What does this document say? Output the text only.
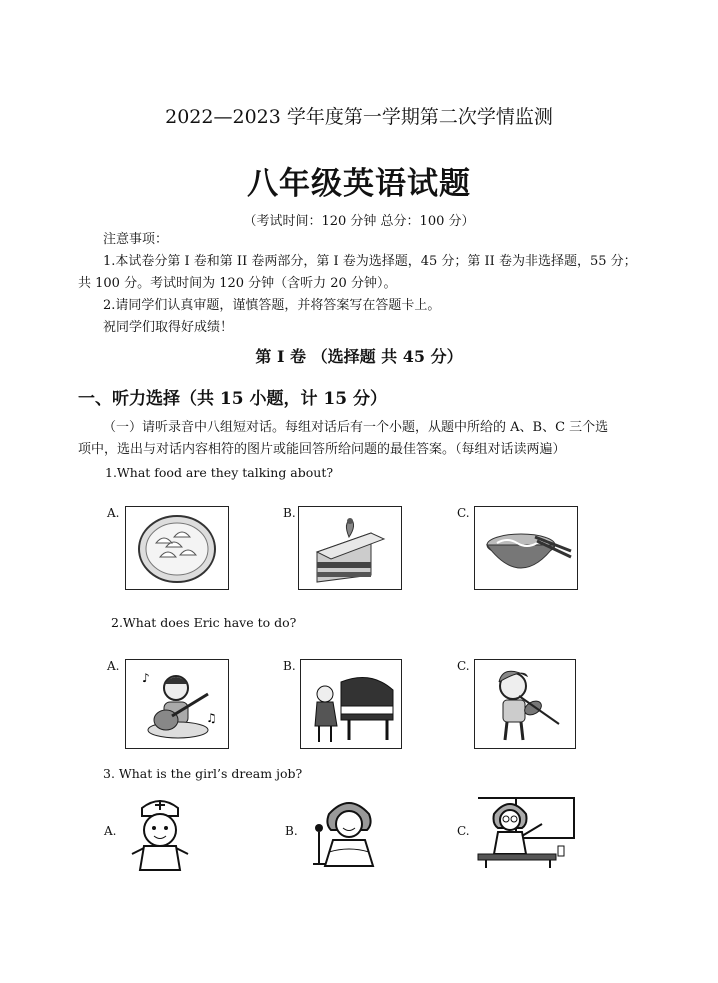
2022—2023 学年度第一学期第二次学情监测
八年级英语试题
（考试时间：120 分钟 总分：100 分）
注意事项：
1.本试卷分第 I 卷和第 II 卷两部分，第 I 卷为选择题，45 分；第 II 卷为非选择题，55 分；
共 100 分。考试时间为 120 分钟（含听力 20 分钟）。
2.请同学们认真审题，谨慎答题，并将答案写在答题卡上。
祝同学们取得好成绩！
第 I 卷 （选择题 共 45 分）
一、听力选择（共 15 小题，计 15 分）
（一）请听录音中八组短对话。每组对话后有一个小题，从题中所给的 A、B、C 三个选
项中，选出与对话内容相符的图片或能回答所给问题的最佳答案。（每组对话读两遍）
1.What food are they talking about?
A.	B.	C.
2.What does Eric have to do?
A.
♪
♫
B.	C.
3. What is the girl’s dream job?
A.	B.	C.
